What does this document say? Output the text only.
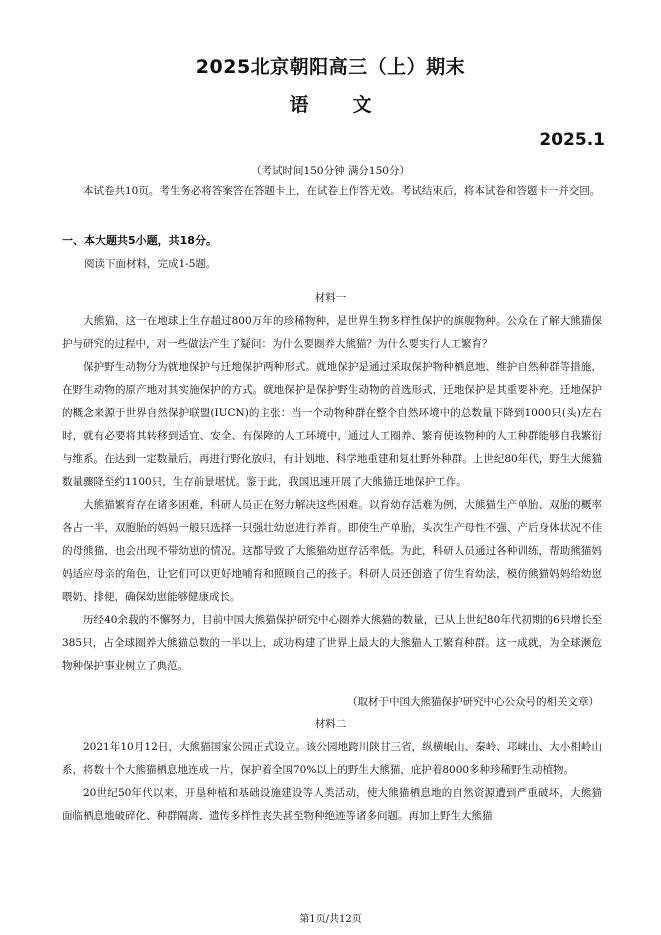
2025北京朝阳高三（上）期末
语文
2025.1
（考试时间150分钟 满分150分）

本试卷共10页。考生务必将答案答在答题卡上，在试卷上作答无效。考试结束后，将本试卷和答题卡一并交回。

一、本大题共5小题，共18分。
阅读下面材料，完成1-5题。
材料一

大熊猫，这一在地球上生存超过800万年的珍稀物种，是世界生物多样性保护的旗舰物种。公众在了解大熊猫保护与研究的过程中，对一些做法产生了疑问：为什么要圈养大熊猫？为什么要实行人工繁育？

保护野生动物分为就地保护与迁地保护两种形式。就地保护是通过采取保护物种栖息地、维护自然种群等措施，在野生动物的原产地对其实施保护的方式。就地保护是保护野生动物的首选形式，迁地保护是其重要补充。迁地保护的概念来源于世界自然保护联盟(IUCN)的主张：当一个动物种群在整个自然环境中的总数量下降到1000只(头)左右时，就有必要将其转移到适宜、安全、有保障的人工环境中，通过人工圈养、繁育使该物种的人工种群能够自我繁衍与维系。在达到一定数量后，再进行野化放归，有计划地、科学地重建和复壮野外种群。上世纪80年代，野生大熊猫数量骤降至约1100只，生存前景堪忧。鉴于此，我国迅速开展了大熊猫迁地保护工作。

大熊猫繁育存在诸多困难，科研人员正在努力解决这些困难。以育幼存活难为例，大熊猫生产单胎、双胎的概率各占一半，双胞胎的妈妈一般只选择一只强壮幼崽进行养育。即使生产单胎，头次生产母性不强、产后身体状况不佳的母熊猫，也会出现不带幼崽的情况。这都导致了大熊猫幼崽存活率低。为此，科研人员通过各种训练，帮助熊猫妈妈适应母亲的角色，让它们可以更好地哺育和照顾自己的孩子。科研人员还创造了仿生育幼法，模仿熊猫妈妈给幼崽喂奶、排便，确保幼崽能够健康成长。

历经40余载的不懈努力，目前中国大熊猫保护研究中心圈养大熊猫的数量，已从上世纪80年代初期的6只增长至385只，占全球圈养大熊猫总数的一半以上，成功构建了世界上最大的大熊猫人工繁育种群。这一成就，为全球濒危物种保护事业树立了典范。

（取材于中国大熊猫保护研究中心公众号的相关文章）
材料二

2021年10月12日，大熊猫国家公园正式设立。该公园地跨川陕甘三省，纵横岷山、秦岭、邛崃山、大小相岭山系，将数十个大熊猫栖息地连成一片，保护着全国70%以上的野生大熊猫，庇护着8000多种珍稀野生动植物。

20世纪50年代以来，开垦种植和基础设施建设等人类活动，使大熊猫栖息地的自然资源遭到严重破坏，大熊猫面临栖息地破碎化、种群隔离、遗传多样性丧失甚至物种绝迹等诸多问题。再加上野生大熊猫

第1页/共12页
